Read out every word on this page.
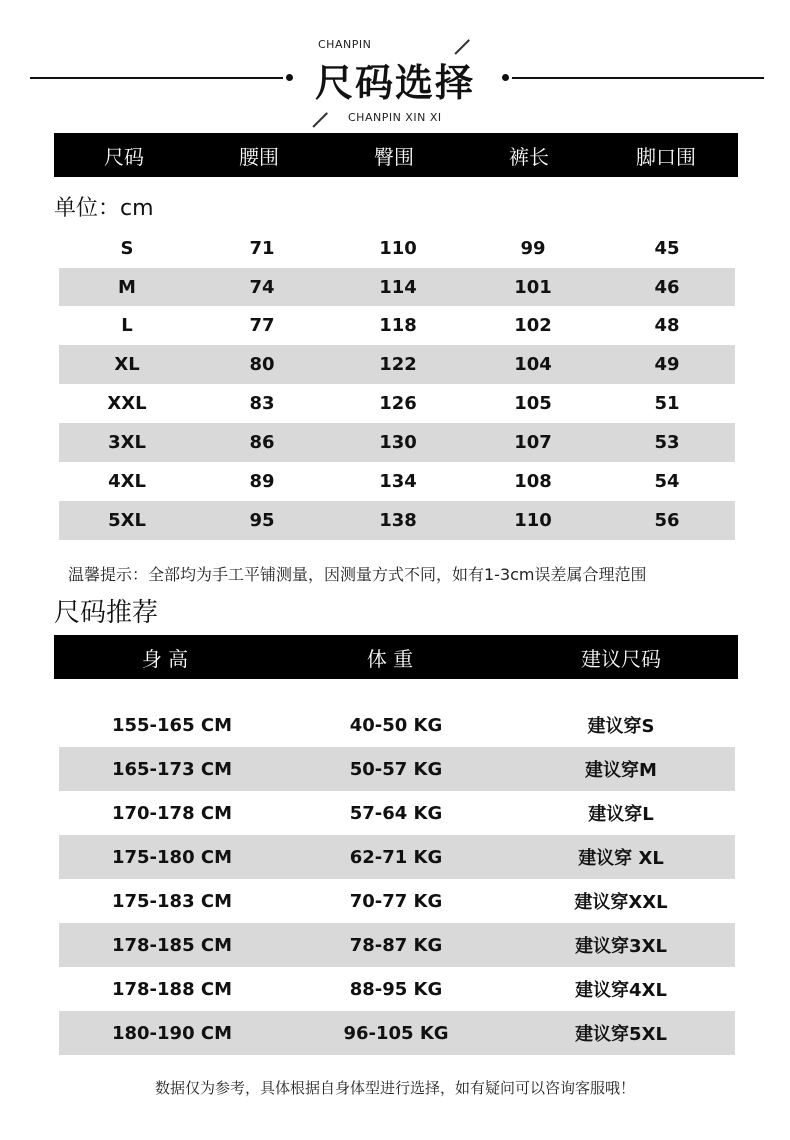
CHANPIN
尺码选择
CHANPIN XIN XI
尺码	腰围	臀围	裤长	脚口围
单位：cm
S	71	110	99	45
M	74	114	101	46
L	77	118	102	48
XL	80	122	104	49
XXL	83	126	105	51
3XL	86	130	107	53
4XL	89	134	108	54
5XL	95	138	110	56
温馨提示：全部均为手工平铺测量，因测量方式不同，如有1-3cm误差属合理范围
尺码推荐
身 高	体 重	建议尺码
155-165 CM	40-50 KG	建议穿S
165-173 CM	50-57 KG	建议穿M
170-178 CM	57-64 KG	建议穿L
175-180 CM	62-71 KG	建议穿 XL
175-183 CM	70-77 KG	建议穿XXL
178-185 CM	78-87 KG	建议穿3XL
178-188 CM	88-95 KG	建议穿4XL
180-190 CM	96-105 KG	建议穿5XL
数据仅为参考，具体根据自身体型进行选择，如有疑问可以咨询客服哦！
